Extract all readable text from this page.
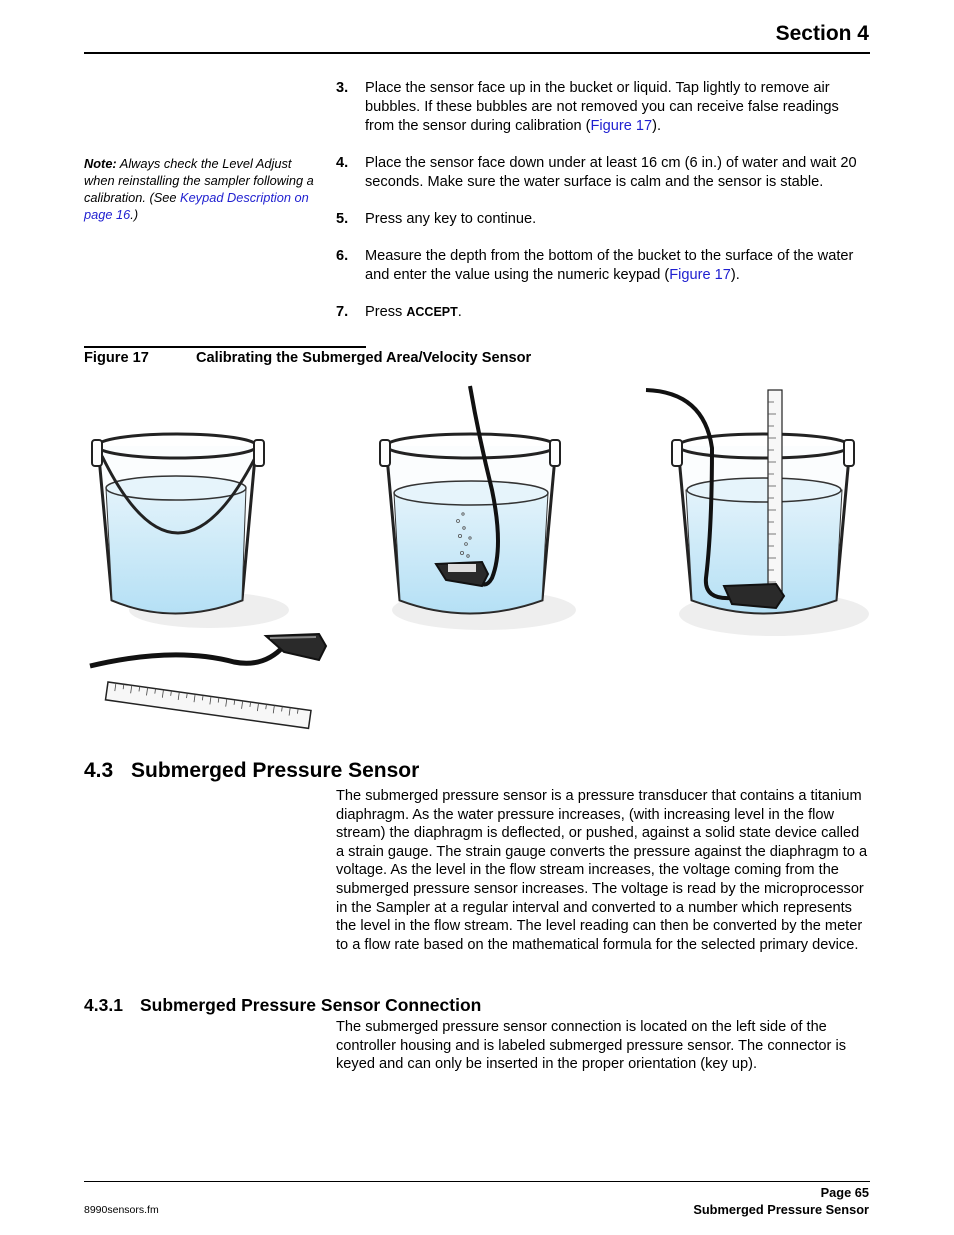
Section 4
3.	Place the sensor face up in the bucket or liquid. Tap lightly to remove air bubbles. If these bubbles are not removed you can receive false readings from the sensor during calibration (Figure 17).
4.	Place the sensor face down under at least 16 cm (6 in.) of water and wait 20 seconds. Make sure the water surface is calm and the sensor is stable.
5.	Press any key to continue.
6.	Measure the depth from the bottom of the bucket to the surface of the water and enter the value using the numeric keypad (Figure 17).
7.	Press ACCEPT.
Note: Always check the Level Adjust when reinstalling the sampler following a calibration. (See Keypad Description on page 16.)
Figure 17	Calibrating the Submerged Area/Velocity Sensor
4.3 Submerged Pressure Sensor
The submerged pressure sensor is a pressure transducer that contains a titanium diaphragm. As the water pressure increases, (with increasing level in the flow stream) the diaphragm is deflected, or pushed, against a solid state device called a strain gauge. The strain gauge converts the pressure against the diaphragm to a voltage. As the level in the flow stream increases, the voltage coming from the submerged pressure sensor increases. The voltage is read by the microprocessor in the Sampler at a regular interval and converted to a number which represents the level in the flow stream. The level reading can then be converted by the meter to a flow rate based on the mathematical formula for the selected primary device.
4.3.1 Submerged Pressure Sensor Connection
The submerged pressure sensor connection is located on the left side of the controller housing and is labeled submerged pressure sensor. The connector is keyed and can only be inserted in the proper orientation (key up).
Page 65
Submerged Pressure Sensor
8990sensors.fm
